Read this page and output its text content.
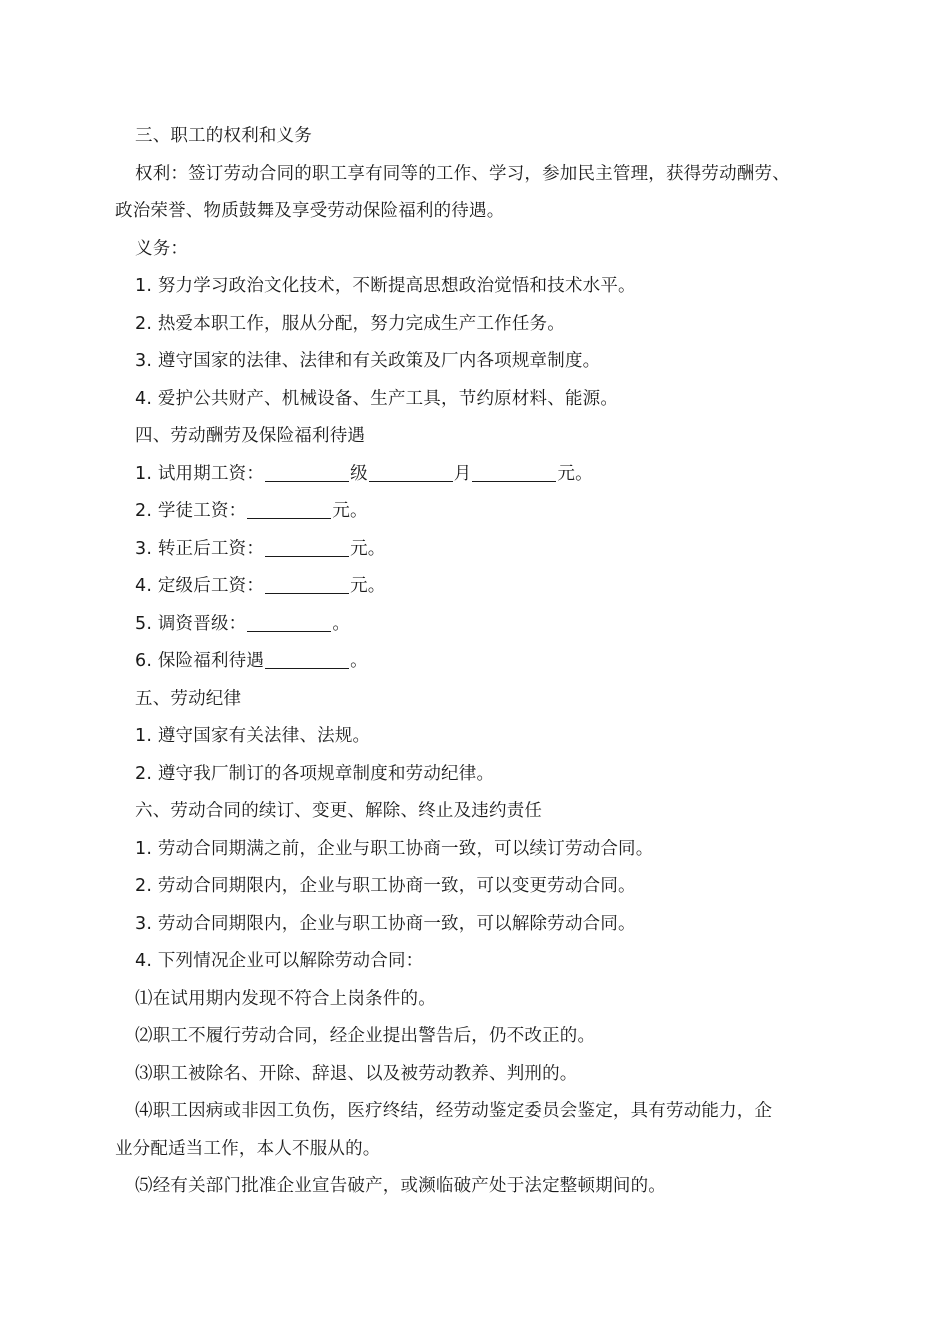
三、职工的权利和义务
权利：签订劳动合同的职工享有同等的工作、学习，参加民主管理，获得劳动酬劳、
政治荣誉、物质鼓舞及享受劳动保险福利的待遇。
义务：
1. 努力学习政治文化技术，不断提高思想政治觉悟和技术水平。
2. 热爱本职工作，服从分配，努力完成生产工作任务。
3. 遵守国家的法律、法律和有关政策及厂内各项规章制度。
4. 爱护公共财产、机械设备、生产工具，节约原材料、能源。
四、劳动酬劳及保险福利待遇
1. 试用期工资：	级	月	元。
2. 学徒工资：	元。
3. 转正后工资：	元。
4. 定级后工资：	元。
5. 调资晋级：	。
6. 保险福利待遇	。
五、劳动纪律
1. 遵守国家有关法律、法规。
2. 遵守我厂制订的各项规章制度和劳动纪律。
六、劳动合同的续订、变更、解除、终止及违约责任
1. 劳动合同期满之前，企业与职工协商一致，可以续订劳动合同。
2. 劳动合同期限内，企业与职工协商一致，可以变更劳动合同。
3. 劳动合同期限内，企业与职工协商一致，可以解除劳动合同。
4. 下列情况企业可以解除劳动合同：
⑴在试用期内发现不符合上岗条件的。
⑵职工不履行劳动合同，经企业提出警告后，仍不改正的。
⑶职工被除名、开除、辞退、以及被劳动教养、判刑的。
⑷职工因病或非因工负伤，医疗终结，经劳动鉴定委员会鉴定，具有劳动能力，企
业分配适当工作，本人不服从的。
⑸经有关部门批准企业宣告破产，或濒临破产处于法定整顿期间的。
